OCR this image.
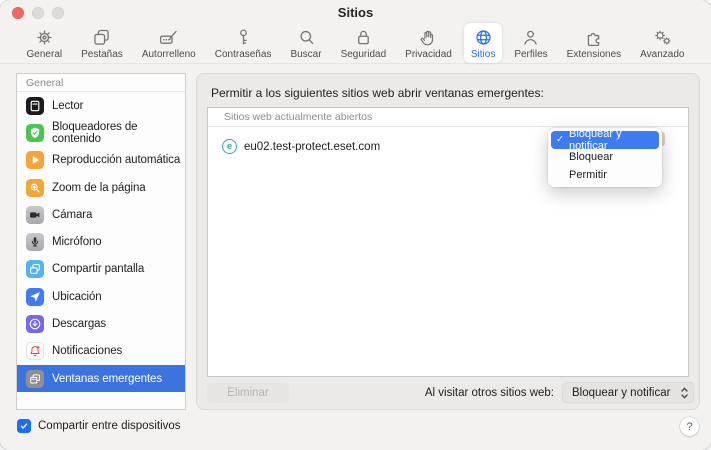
Sitios
General Pestañas Autorrelleno Contraseñas Buscar Seguridad Privacidad Sitios Perfiles Extensiones Avanzado
General
Lector
Bloqueadores de contenido
Reproducción automática
Zoom de la página
Cámara
Micrófono
Compartir pantalla
Ubicación
Descargas
Notificaciones
Ventanas emergentes
Compartir entre dispositivos
Permitir a los siguientes sitios web abrir ventanas emergentes:
Sitios web actualmente abiertos
e	eu02.test-protect.eset.com
Eliminar	Al visitar otros sitios web: Bloquear y notificar
✓ Bloquear y notificar
Bloquear
Permitir
?
